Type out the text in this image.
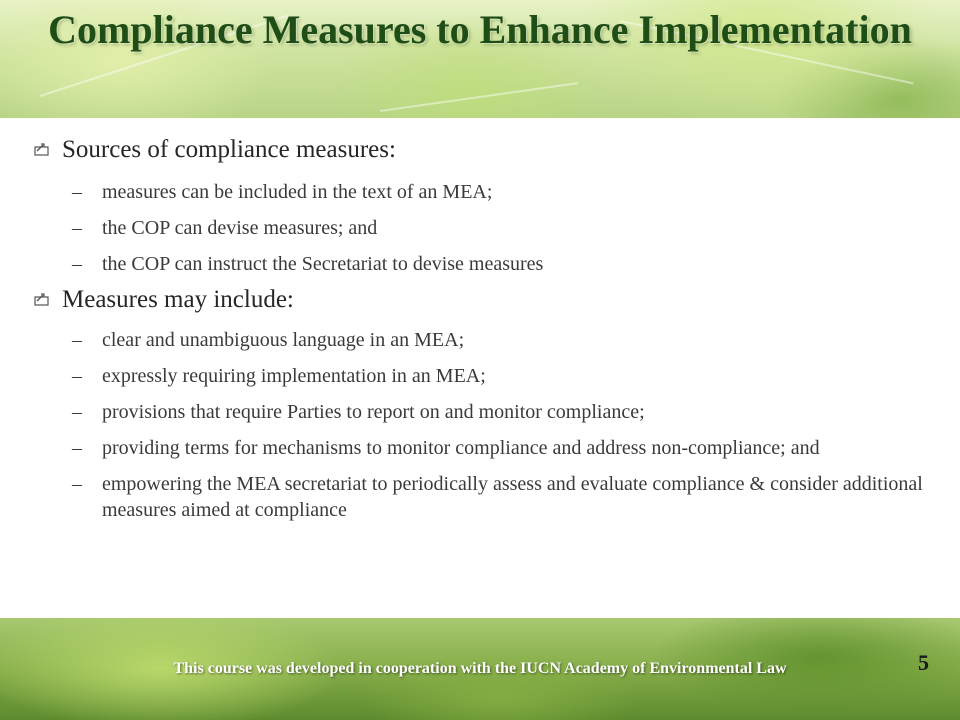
Compliance Measures to Enhance Implementation

Sources of compliance measures:

– measures can be included in the text of an MEA;

– the COP can devise measures; and

– the COP can instruct the Secretariat to devise measures

Measures may include:

– clear and unambiguous language in an MEA;

– expressly requiring implementation in an MEA;

– provisions that require Parties to report on and monitor compliance;

– providing terms for mechanisms to monitor compliance and address non-compliance; and

– empowering the MEA secretariat to periodically assess and evaluate compliance & consider additional measures aimed at compliance

This course was developed in cooperation with the IUCN Academy of Environmental Law	5
